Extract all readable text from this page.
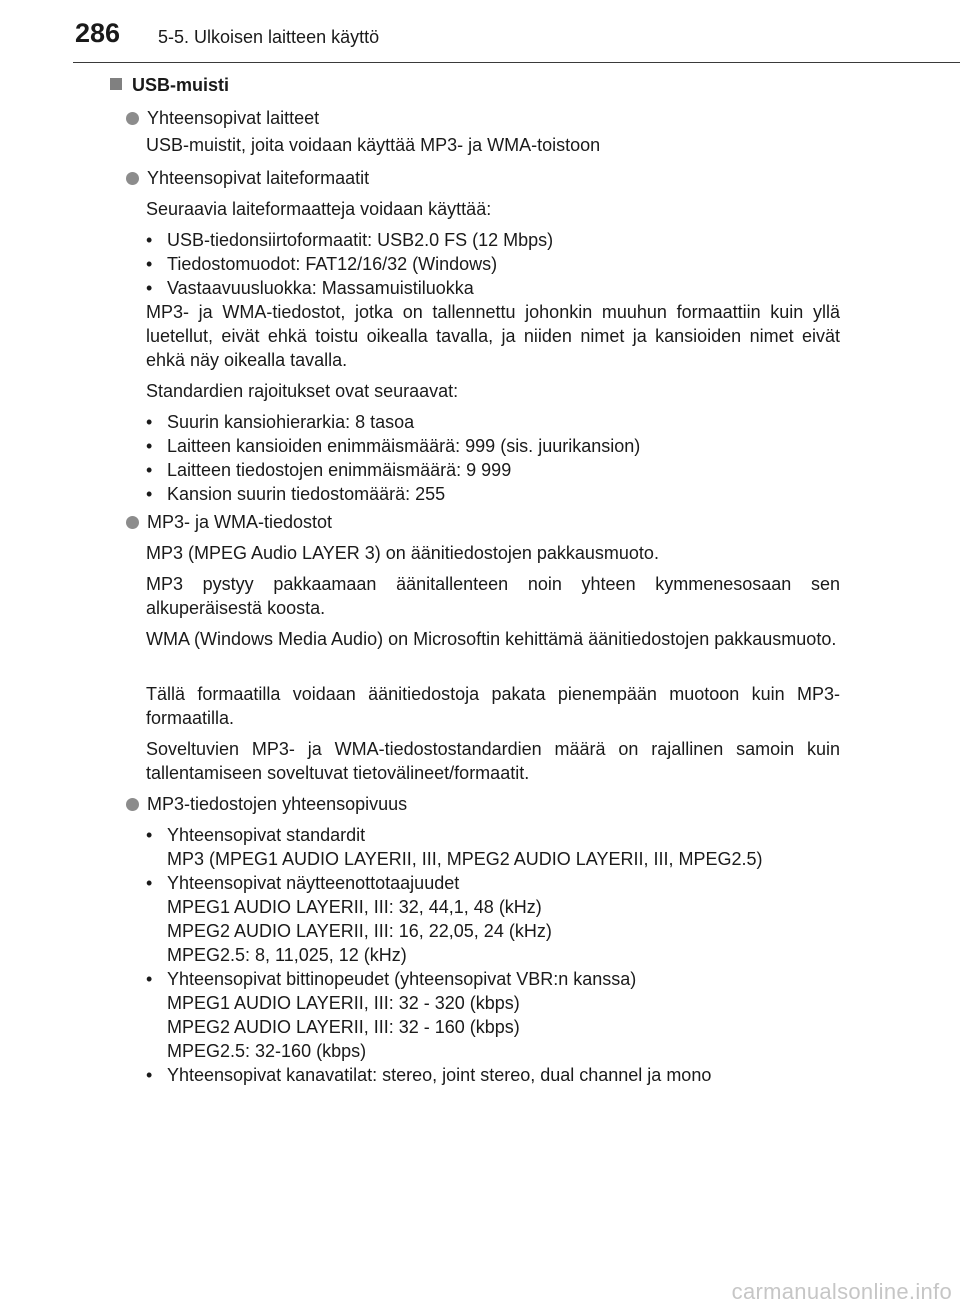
286 5-5. Ulkoisen laitteen käyttö
USB-muisti
Yhteensopivat laitteet
USB-muistit, joita voidaan käyttää MP3- ja WMA-toistoon
Yhteensopivat laiteformaatit
Seuraavia laiteformaatteja voidaan käyttää:
• USB-tiedonsiirtoformaatit: USB2.0 FS (12 Mbps)
• Tiedostomuodot: FAT12/16/32 (Windows)
• Vastaavuusluokka: Massamuistiluokka
MP3- ja WMA-tiedostot, jotka on tallennettu johonkin muuhun formaattiin kuin yllä luetellut, eivät ehkä toistu oikealla tavalla, ja niiden nimet ja kansioiden nimet eivät ehkä näy oikealla tavalla.
Standardien rajoitukset ovat seuraavat:
• Suurin kansiohierarkia: 8 tasoa
• Laitteen kansioiden enimmäismäärä: 999 (sis. juurikansion)
• Laitteen tiedostojen enimmäismäärä: 9 999
• Kansion suurin tiedostomäärä: 255
MP3- ja WMA-tiedostot
MP3 (MPEG Audio LAYER 3) on äänitiedostojen pakkausmuoto.
MP3 pystyy pakkaamaan äänitallenteen noin yhteen kymmenesosaan sen alkuperäisestä koosta.
WMA (Windows Media Audio) on Microsoftin kehittämä äänitiedostojen pakkausmuoto.
Tällä formaatilla voidaan äänitiedostoja pakata pienempään muotoon kuin MP3-formaatilla.
Soveltuvien MP3- ja WMA-tiedostostandardien määrä on rajallinen samoin kuin tallentamiseen soveltuvat tietovälineet/formaatit.
MP3-tiedostojen yhteensopivuus
• Yhteensopivat standardit
MP3 (MPEG1 AUDIO LAYERII, III, MPEG2 AUDIO LAYERII, III, MPEG2.5)
• Yhteensopivat näytteenottotaajuudet
MPEG1 AUDIO LAYERII, III: 32, 44,1, 48 (kHz)
MPEG2 AUDIO LAYERII, III: 16, 22,05, 24 (kHz)
MPEG2.5: 8, 11,025, 12 (kHz)
• Yhteensopivat bittinopeudet (yhteensopivat VBR:n kanssa)
MPEG1 AUDIO LAYERII, III: 32 - 320 (kbps)
MPEG2 AUDIO LAYERII, III: 32 - 160 (kbps)
MPEG2.5: 32-160 (kbps)
• Yhteensopivat kanavatilat: stereo, joint stereo, dual channel ja mono
carmanualsonline.info
